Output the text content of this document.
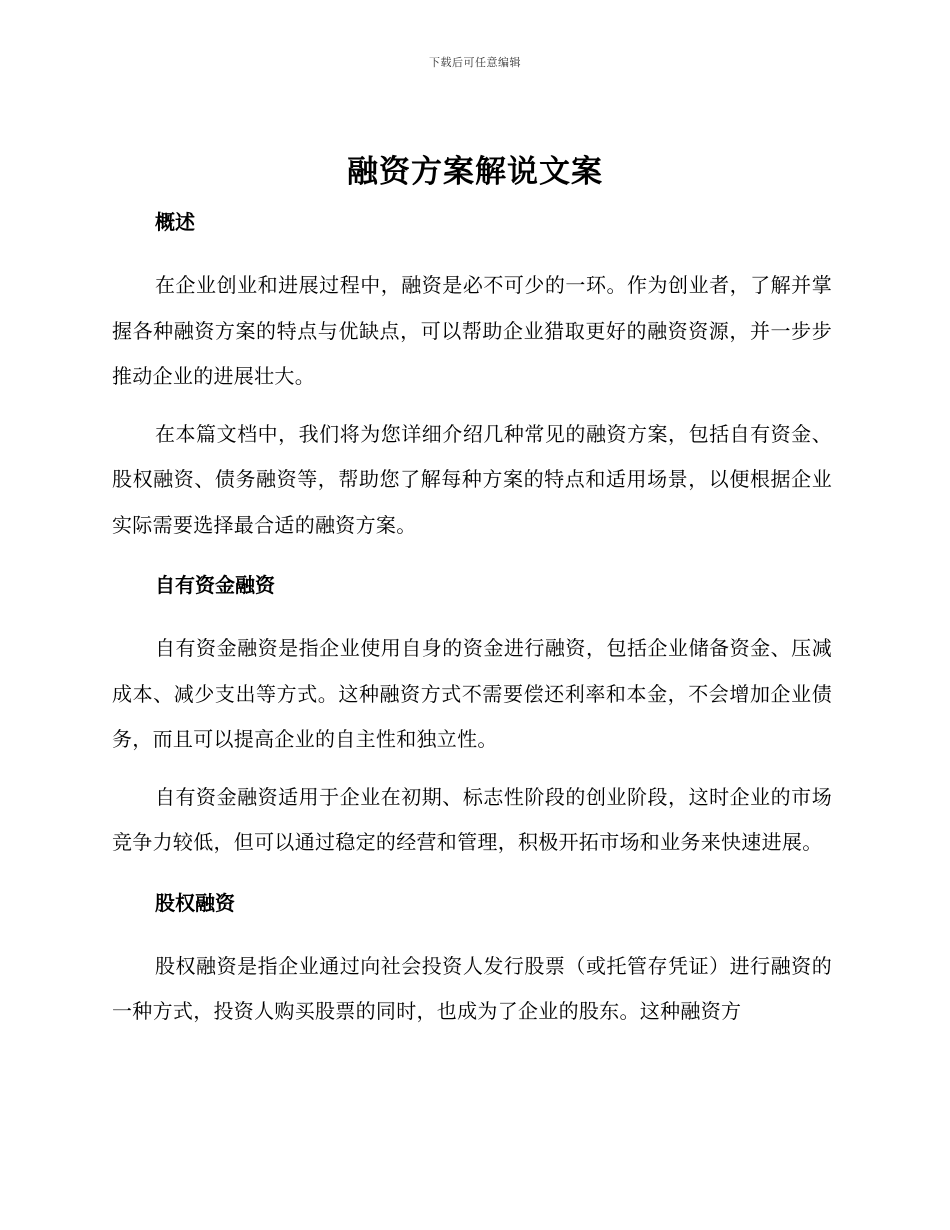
下载后可任意编辑
融资方案解说文案
概述

在企业创业和进展过程中，融资是必不可少的一环。作为创业者，了解并掌握各种融资方案的特点与优缺点，可以帮助企业猎取更好的融资资源，并一步步推动企业的进展壮大。

在本篇文档中，我们将为您详细介绍几种常见的融资方案，包括自有资金、股权融资、债务融资等，帮助您了解每种方案的特点和适用场景，以便根据企业实际需要选择最合适的融资方案。

自有资金融资

自有资金融资是指企业使用自身的资金进行融资，包括企业储备资金、压减成本、减少支出等方式。这种融资方式不需要偿还利率和本金，不会增加企业债务，而且可以提高企业的自主性和独立性。

自有资金融资适用于企业在初期、标志性阶段的创业阶段，这时企业的市场竞争力较低，但可以通过稳定的经营和管理，积极开拓市场和业务来快速进展。

股权融资

股权融资是指企业通过向社会投资人发行股票（或托管存凭证）进行融资的一种方式，投资人购买股票的同时，也成为了企业的股东。这种融资方
